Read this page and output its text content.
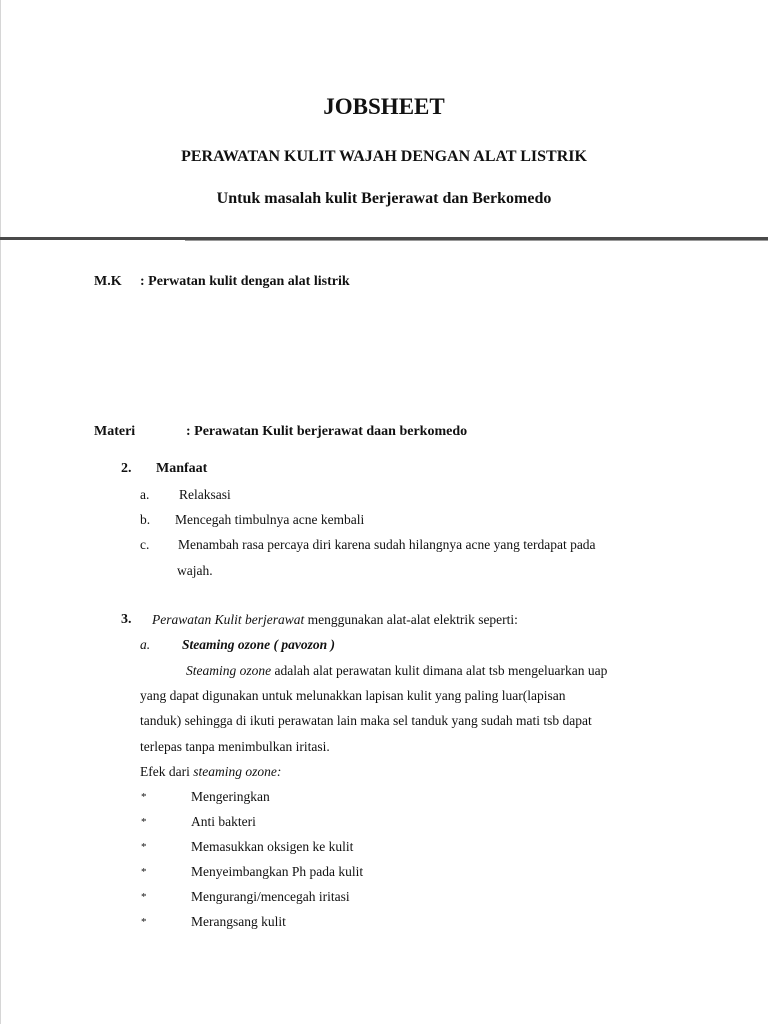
JOBSHEET
PERAWATAN KULIT WAJAH DENGAN ALAT LISTRIK
Untuk masalah kulit Berjerawat dan Berkomedo
M.K : Perwatan kulit dengan alat listrik
Materi	: Perawatan Kulit berjerawat daan berkomedo
2. Manfaat
a. Relaksasi
b. Mencegah timbulnya acne kembali
c. Menambah rasa percaya diri karena sudah hilangnya acne yang terdapat pada
wajah.
3. Perawatan Kulit berjerawat menggunakan alat-alat elektrik seperti:
a. Steaming ozone ( pavozon )
Steaming ozone adalah alat perawatan kulit dimana alat tsb mengeluarkan uap
yang dapat digunakan untuk melunakkan lapisan kulit yang paling luar(lapisan
tanduk) sehingga di ikuti perawatan lain maka sel tanduk yang sudah mati tsb dapat
terlepas tanpa menimbulkan iritasi.
Efek dari steaming ozone:
*	Mengeringkan
*	Anti bakteri
*	Memasukkan oksigen ke kulit
*	Menyeimbangkan Ph pada kulit
*	Mengurangi/mencegah iritasi
*	Merangsang kulit
